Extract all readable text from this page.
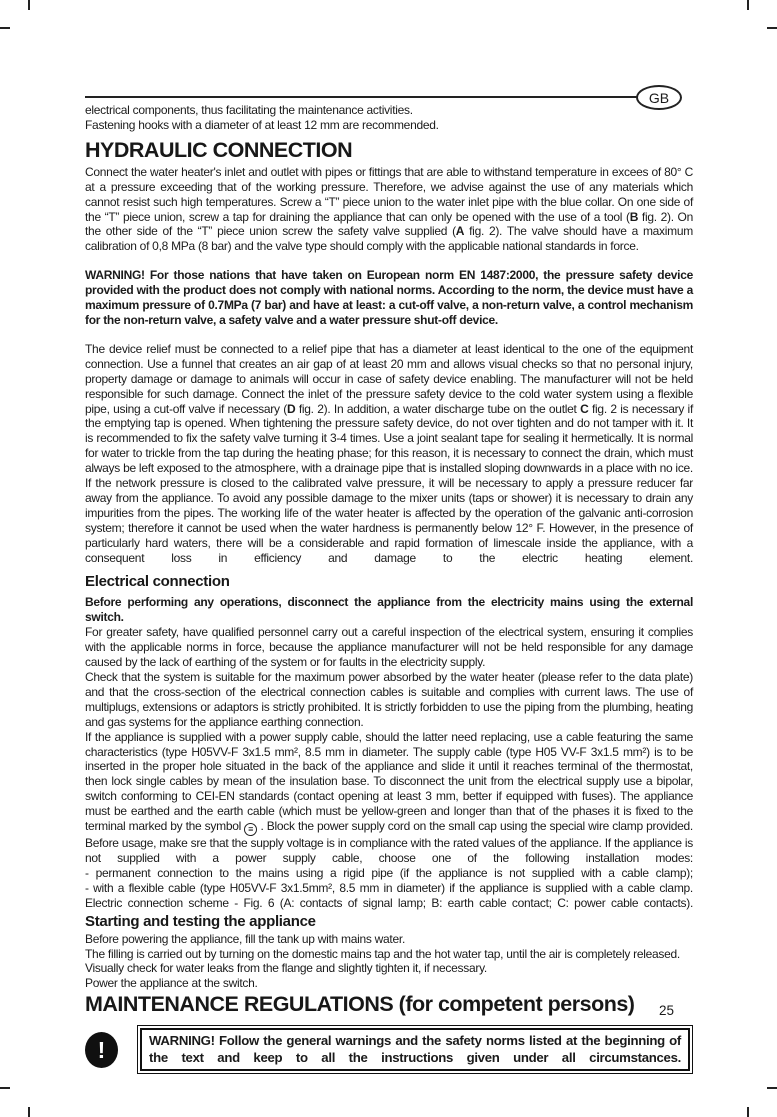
GB

electrical components, thus facilitating the maintenance activities.
Fastening hooks with a diameter of at least 12 mm are recommended.

HYDRAULIC CONNECTION

Connect the water heater's inlet and outlet with pipes or fittings that are able to withstand temperature in excees of 80° C at a pressure exceeding that of the working pressure. Therefore, we advise against the use of any materials which cannot resist such high temperatures. Screw a “T” piece union to the water inlet pipe with the blue collar. On one side of the “T” piece union, screw a tap for draining the appliance that can only be opened with the use of a tool (B fig. 2). On the other side of the “T” piece union screw the safety valve supplied (A fig. 2). The valve should have a maximum calibration of 0,8 MPa (8 bar) and the valve type should comply with the applicable national standards in force.

WARNING! For those nations that have taken on European norm EN 1487:2000, the pressure safety device provided with the product does not comply with national norms. According to the norm, the device must have a maximum pressure of 0.7MPa (7 bar) and have at least: a cut-off valve, a non-return valve, a control mechanism for the non-return valve, a safety valve and a water pressure shut-off device.

The device relief must be connected to a relief pipe that has a diameter at least identical to the one of the equipment connection. Use a funnel that creates an air gap of at least 20 mm and allows visual checks so that no personal injury, property damage or damage to animals will occur in case of safety device enabling. The manufacturer will not be held responsible for such damage. Connect the inlet of the pressure safety device to the cold water system using a flexible pipe, using a cut-off valve if necessary (D fig. 2). In addition, a water discharge tube on the outlet C fig. 2 is necessary if the emptying tap is opened. When tightening the pressure safety device, do not over tighten and do not tamper with it. It is recommended to fix the safety valve turning it 3-4 times. Use a joint sealant tape for sealing it hermetically. It is normal for water to trickle from the tap during the heating phase; for this reason, it is necessary to connect the drain, which must always be left exposed to the atmosphere, with a drainage pipe that is installed sloping downwards in a place with no ice. If the network pressure is closed to the calibrated valve pressure, it will be necessary to apply a pressure reducer far away from the appliance. To avoid any possible damage to the mixer units (taps or shower) it is necessary to drain any impurities from the pipes. The working life of the water heater is affected by the operation of the galvanic anti-corrosion system; therefore it cannot be used when the water hardness is permanently below 12° F. However, in the presence of particularly hard waters, there will be a considerable and rapid formation of limescale inside the appliance, with a consequent loss in efficiency and damage to the electric heating element.

Electrical connection

Before performing any operations, disconnect the appliance from the electricity mains using the external switch.

For greater safety, have qualified personnel carry out a careful inspection of the electrical system, ensuring it complies with the applicable norms in force, because the appliance manufacturer will not be held responsible for any damage caused by the lack of earthing of the system or for faults in the electricity supply.

Check that the system is suitable for the maximum power absorbed by the water heater (please refer to the data plate) and that the cross-section of the electrical connection cables is suitable and complies with current laws. The use of multiplugs, extensions or adaptors is strictly prohibited. It is strictly forbidden to use the piping from the plumbing, heating and gas systems for the appliance earthing connection.

If the appliance is supplied with a power supply cable, should the latter need replacing, use a cable featuring the same characteristics (type H05VV-F 3x1.5 mm², 8.5 mm in diameter. The supply cable (type H05 VV-F 3x1.5 mm²) is to be inserted in the proper hole situated in the back of the appliance and slide it until it reaches terminal of the thermostat, then lock single cables by mean of the insulation base. To disconnect the unit from the electrical supply use a bipolar, switch conforming to CEI-EN standards (contact opening at least 3 mm, better if equipped with fuses). The appliance must be earthed and the earth cable (which must be yellow-green and longer than that of the phases it is fixed to the terminal marked by the symbol ≡ . Block the power supply cord on the small cap using the special wire clamp provided. Before usage, make sre that the supply voltage is in compliance with the rated values of the appliance. If the appliance is not supplied with a power supply cable, choose one of the following installation modes:
- permanent connection to the mains using a rigid pipe (if the appliance is not supplied with a cable clamp);
- with a flexible cable (type H05VV-F 3x1.5mm², 8.5 mm in diameter) if the appliance is supplied with a cable clamp.
Electric connection scheme - Fig. 6 (A: contacts of signal lamp; B: earth cable contact; C: power cable contacts).

Starting and testing the appliance

Before powering the appliance, fill the tank up with mains water.
The filling is carried out by turning on the domestic mains tap and the hot water tap, until the air is completely released.
Visually check for water leaks from the flange and slightly tighten it, if necessary.
Power the appliance at the switch.

MAINTENANCE REGULATIONS (for competent persons)
!	WARNING! Follow the general warnings and the safety norms listed at the beginning of the text and keep to all the instructions given under all circumstances.
25
